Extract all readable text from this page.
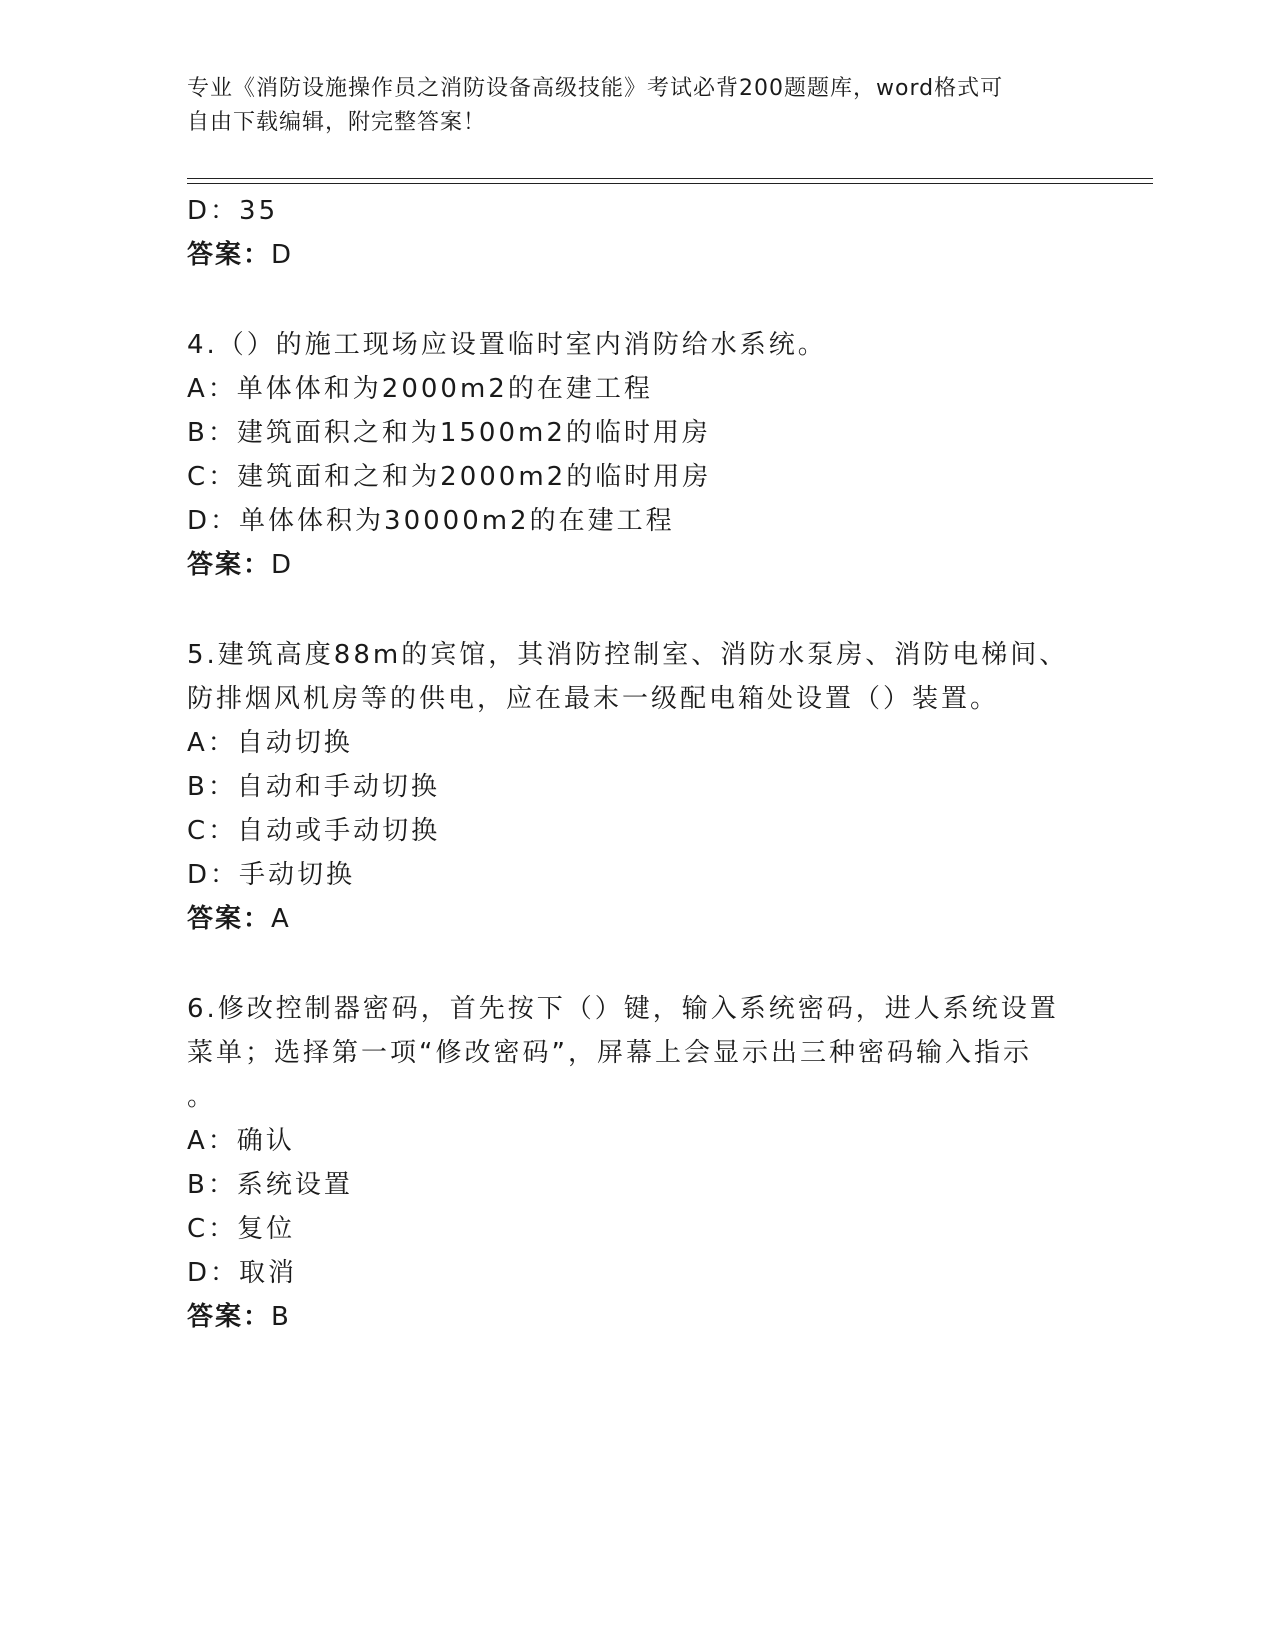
专业《消防设施操作员之消防设备高级技能》考试必背200题题库，word格式可
自由下载编辑，附完整答案！
D：35
答案：D
4.（）的施工现场应设置临时室内消防给水系统。
A：单体体和为2000m2的在建工程
B：建筑面积之和为1500m2的临时用房
C：建筑面和之和为2000m2的临时用房
D：单体体积为30000m2的在建工程
答案：D
5.建筑高度88m的宾馆，其消防控制室、消防水泵房、消防电梯间、
防排烟风机房等的供电，应在最末一级配电箱处设置（）装置。
A：自动切换
B：自动和手动切换
C：自动或手动切换
D：手动切换
答案：A
6.修改控制器密码，首先按下（）键，输入系统密码，进人系统设置
菜单；选择第一项“修改密码”，屏幕上会显示出三种密码输入指示
。
A：确认
B：系统设置
C：复位
D：取消
答案：B
